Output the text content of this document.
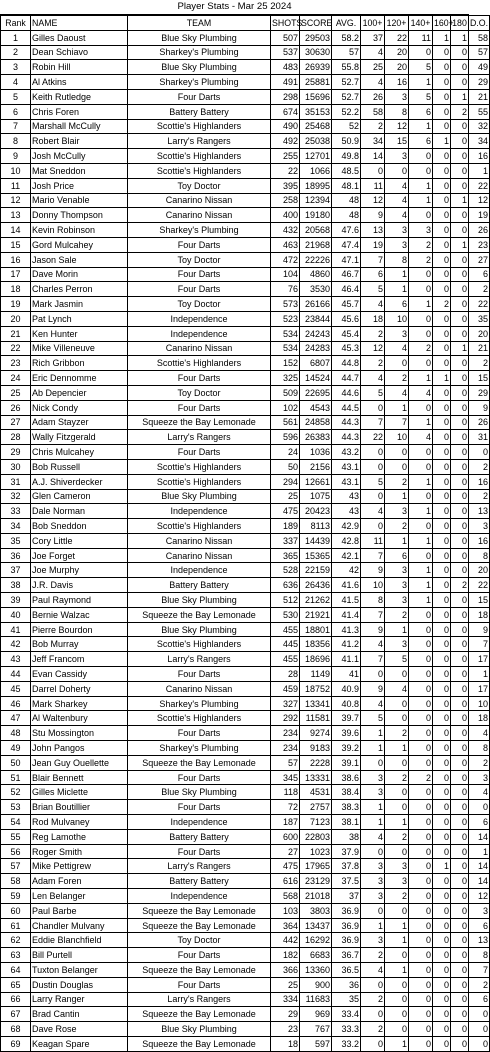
Player Stats - Mar 25 2024
Rank	NAME	TEAM	SHOTS	SCORE	AVG.	100+	120+	140+	160+	180	D.O.
1	Gilles Daoust	Blue Sky Plumbing	507	29503	58.2	37	22	11	1	1	58
2	Dean Schiavo	Sharkey's Plumbing	537	30630	57	4	20	0	0	0	57
3	Robin Hill	Blue Sky Plumbing	483	26939	55.8	25	20	5	0	0	49
4	Al Atkins	Sharkey's Plumbing	491	25881	52.7	4	16	1	0	0	29
5	Keith Rutledge	Four Darts	298	15696	52.7	26	3	5	0	1	21
6	Chris Foren	Battery Battery	674	35153	52.2	58	8	6	0	2	55
7	Marshall McCully	Scottie's Highlanders	490	25468	52	2	12	1	0	0	32
8	Robert Blair	Larry's Rangers	492	25038	50.9	34	15	6	1	0	34
9	Josh McCully	Scottie's Highlanders	255	12701	49.8	14	3	0	0	0	16
10	Mat Sneddon	Scottie's Highlanders	22	1066	48.5	0	0	0	0	0	1
11	Josh Price	Toy Doctor	395	18995	48.1	11	4	1	0	0	22
12	Mario Venable	Canarino Nissan	258	12394	48	12	4	1	0	1	12
13	Donny Thompson	Canarino Nissan	400	19180	48	9	4	0	0	0	19
14	Kevin Robinson	Sharkey's Plumbing	432	20568	47.6	13	3	3	0	0	26
15	Gord Mulcahey	Four Darts	463	21968	47.4	19	3	2	0	1	23
16	Jason Sale	Toy Doctor	472	22226	47.1	7	8	2	0	0	27
17	Dave Morin	Four Darts	104	4860	46.7	6	1	0	0	0	6
18	Charles Perron	Four Darts	76	3530	46.4	5	1	0	0	0	2
19	Mark Jasmin	Toy Doctor	573	26166	45.7	4	6	1	2	0	22
20	Pat Lynch	Independence	523	23844	45.6	18	10	0	0	0	35
21	Ken Hunter	Independence	534	24243	45.4	2	3	0	0	0	20
22	Mike Villeneuve	Canarino Nissan	534	24283	45.3	12	4	2	0	1	21
23	Rich Gribbon	Scottie's Highlanders	152	6807	44.8	2	0	0	0	0	2
24	Eric Dennomme	Four Darts	325	14524	44.7	4	2	1	1	0	15
25	Ab Depencier	Toy Doctor	509	22695	44.6	5	4	4	0	0	29
26	Nick Condy	Four Darts	102	4543	44.5	0	1	0	0	0	9
27	Adam Stayzer	Squeeze the Bay Lemonade	561	24858	44.3	7	7	1	0	0	26
28	Wally Fitzgerald	Larry's Rangers	596	26383	44.3	22	10	4	0	0	31
29	Chris Mulcahey	Four Darts	24	1036	43.2	0	0	0	0	0	0
30	Bob Russell	Scottie's Highlanders	50	2156	43.1	0	0	0	0	0	2
31	A.J. Shiverdecker	Scottie's Highlanders	294	12661	43.1	5	2	1	0	0	16
32	Glen Cameron	Blue Sky Plumbing	25	1075	43	0	1	0	0	0	2
33	Dale Norman	Independence	475	20423	43	4	3	1	0	0	13
34	Bob Sneddon	Scottie's Highlanders	189	8113	42.9	0	2	0	0	0	3
35	Cory Little	Canarino Nissan	337	14439	42.8	11	1	1	0	0	16
36	Joe Forget	Canarino Nissan	365	15365	42.1	7	6	0	0	0	8
37	Joe Murphy	Independence	528	22159	42	9	3	1	0	0	20
38	J.R. Davis	Battery Battery	636	26436	41.6	10	3	1	0	2	22
39	Paul Raymond	Blue Sky Plumbing	512	21262	41.5	8	3	1	0	0	15
40	Bernie Walzac	Squeeze the Bay Lemonade	530	21921	41.4	7	2	0	0	0	18
41	Pierre Bourdon	Blue Sky Plumbing	455	18801	41.3	9	1	0	0	0	9
42	Bob Murray	Scottie's Highlanders	445	18356	41.2	4	3	0	0	0	7
43	Jeff Francom	Larry's Rangers	455	18696	41.1	7	5	0	0	0	17
44	Evan Cassidy	Four Darts	28	1149	41	0	0	0	0	0	1
45	Darrel Doherty	Canarino Nissan	459	18752	40.9	9	4	0	0	0	17
46	Mark Sharkey	Sharkey's Plumbing	327	13341	40.8	4	0	0	0	0	10
47	Al Waltenbury	Scottie's Highlanders	292	11581	39.7	5	0	0	0	0	18
48	Stu Mossington	Four Darts	234	9274	39.6	1	2	0	0	0	4
49	John Pangos	Sharkey's Plumbing	234	9183	39.2	1	1	0	0	0	8
50	Jean Guy Ouellette	Squeeze the Bay Lemonade	57	2228	39.1	0	0	0	0	0	2
51	Blair Bennett	Four Darts	345	13331	38.6	3	2	2	0	0	3
52	Gilles Miclette	Blue Sky Plumbing	118	4531	38.4	3	0	0	0	0	4
53	Brian Boutillier	Four Darts	72	2757	38.3	1	0	0	0	0	0
54	Rod Mulvaney	Independence	187	7123	38.1	1	1	0	0	0	6
55	Reg Lamothe	Battery Battery	600	22803	38	4	2	0	0	0	14
56	Roger Smith	Four Darts	27	1023	37.9	0	0	0	0	0	1
57	Mike Pettigrew	Larry's Rangers	475	17965	37.8	3	3	0	1	0	14
58	Adam Foren	Battery Battery	616	23129	37.5	3	3	0	0	0	14
59	Len Belanger	Independence	568	21018	37	3	2	0	0	0	12
60	Paul Barbe	Squeeze the Bay Lemonade	103	3803	36.9	0	0	0	0	0	3
61	Chandler Mulvany	Squeeze the Bay Lemonade	364	13437	36.9	1	1	0	0	0	6
62	Eddie Blanchfield	Toy Doctor	442	16292	36.9	3	1	0	0	0	13
63	Bill Purtell	Four Darts	182	6683	36.7	2	0	0	0	0	8
64	Tuxton Belanger	Squeeze the Bay Lemonade	366	13360	36.5	4	1	0	0	0	7
65	Dustin Douglas	Four Darts	25	900	36	0	0	0	0	0	2
66	Larry Ranger	Larry's Rangers	334	11683	35	2	0	0	0	0	6
67	Brad Cantin	Squeeze the Bay Lemonade	29	969	33.4	0	0	0	0	0	0
68	Dave Rose	Blue Sky Plumbing	23	767	33.3	2	0	0	0	0	0
69	Keagan Spare	Squeeze the Bay Lemonade	18	597	33.2	0	1	0	0	0	0
